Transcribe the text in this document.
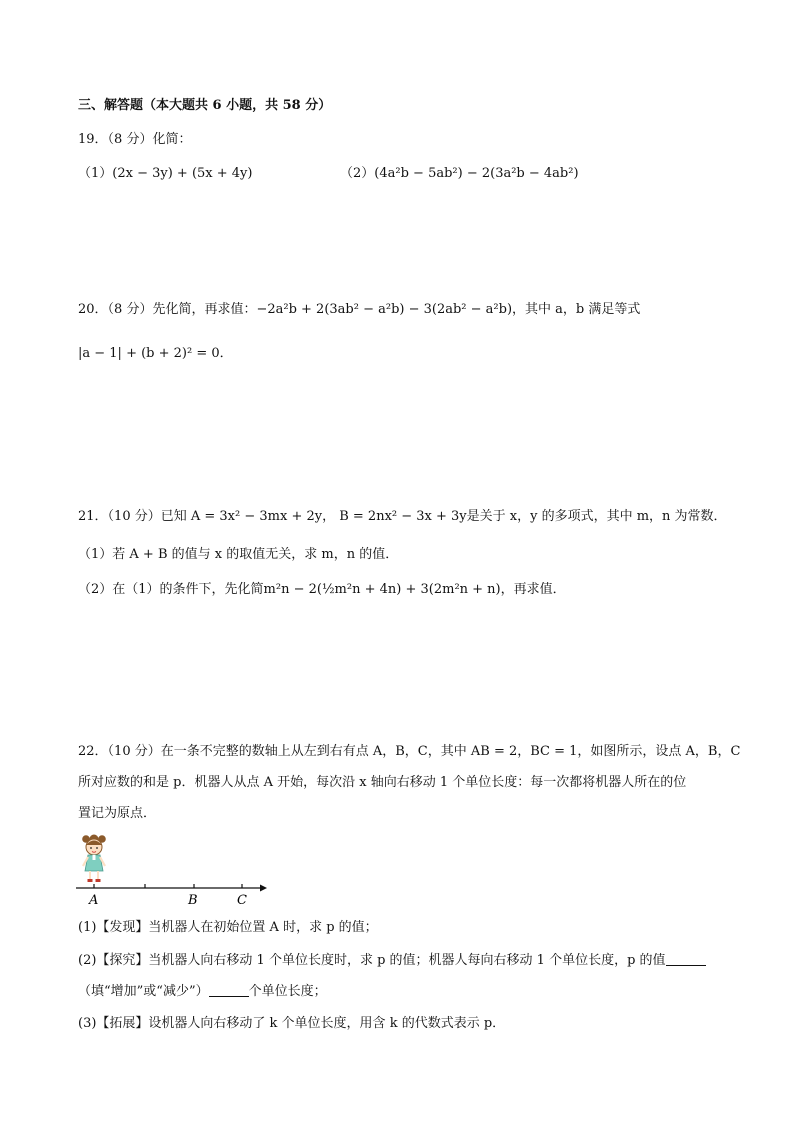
三、解答题（本大题共 6 小题，共 58 分）
19．（8 分）化简：
（1）(2x − 3y) + (5x + 4y)	（2）(4a²b − 5ab²) − 2(3a²b − 4ab²)
20．（8 分）先化简，再求值：−2a²b + 2(3ab² − a²b) − 3(2ab² − a²b)，其中 a，b 满足等式
|a − 1| + (b + 2)² = 0．
21．（10 分）已知 A = 3x² − 3mx + 2y， B = 2nx² − 3x + 3y是关于 x，y 的多项式，其中 m，n 为常数．
（1）若 A + B 的值与 x 的取值无关，求 m，n 的值．
（2）在（1）的条件下，先化简m²n − 2(½m²n + 4n) + 3(2m²n + n)，再求值．
22．（10 分）在一条不完整的数轴上从左到右有点 A，B，C，其中 AB = 2，BC = 1，如图所示，设点 A，B，C
所对应数的和是 p．机器人从点 A 开始，每次沿 x 轴向右移动 1 个单位长度：每一次都将机器人所在的位
置记为原点．
A	B	C
(1)【发现】当机器人在初始位置 A 时，求 p 的值；
(2)【探究】当机器人向右移动 1 个单位长度时，求 p 的值；机器人每向右移动 1 个单位长度，p 的值
（填“增加”或“减少”）	个单位长度；
(3)【拓展】设机器人向右移动了 k 个单位长度，用含 k 的代数式表示 p．
